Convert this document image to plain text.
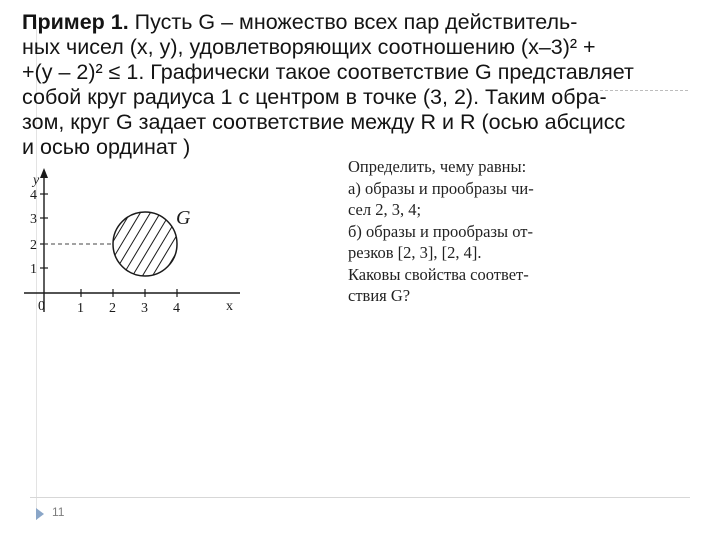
Пример 1. Пусть G – множество всех пар действитель-
ных чисел (x, y), удовлетворяющих соотношению (x–3)² +
+(y – 2)² ≤ 1. Графически такое соответствие G представляет
собой круг радиуса 1 с центром в точке (3, 2). Таким обра-
зом, круг G задает соответствие между R и R (осью абсцисс
и осью ординат )
Определить, чему равны:
а) образы и прообразы чи-
сел 2, 3, 4;
б) образы и прообразы от-
резков [2, 3], [2, 4].
Каковы свойства соответ-
ствия G?
y
x
0 1 2 3 4
1
2
3
4
G
11
